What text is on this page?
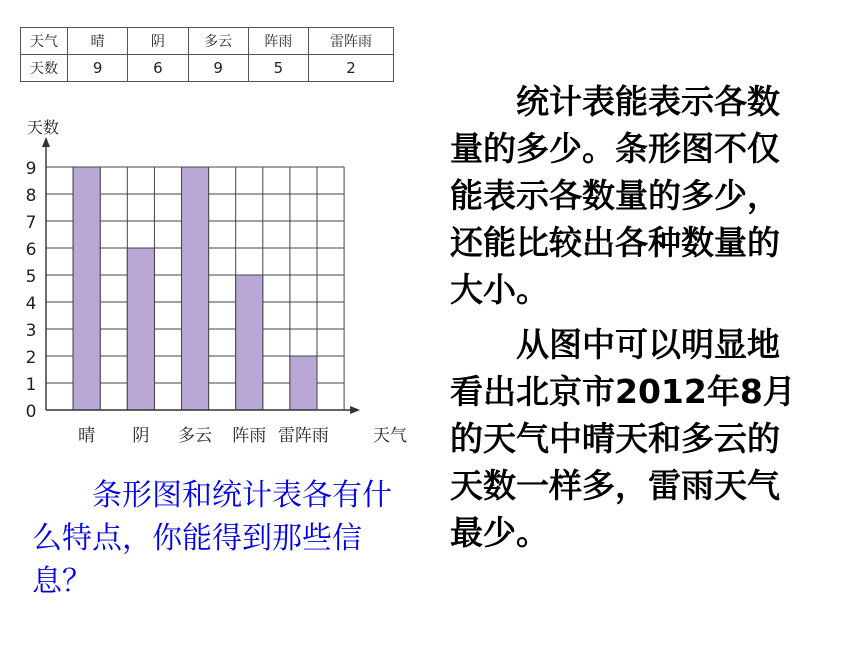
天气	晴	阴	多云	阵雨	雷阵雨
天数	9	6	9	5	2
0
1
2
3
4
5
6
7
8
9
晴 阴 多云 阵雨 雷阵雨
天数
天气

统计表能表示各数量的多少。条形图不仅能表示各数量的多少，还能比较出各种数量的大小。

从图中可以明显地看出北京市2012年8月的天气中晴天和多云的天数一样多，雷雨天气最少。

条形图和统计表各有什么特点，你能得到那些信息？
